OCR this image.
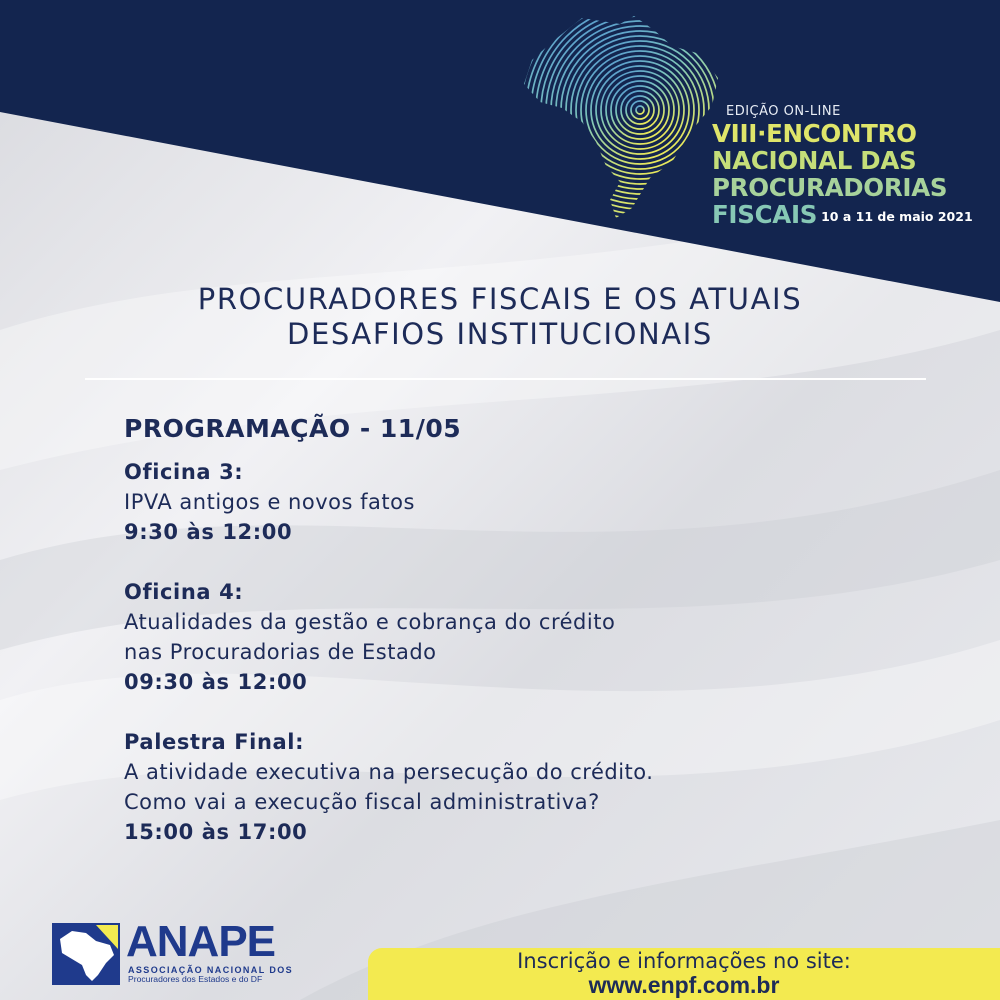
EDIÇÃO ON-LINE
VIII·ENCONTRO
NACIONAL DAS
PROCURADORIAS
FISCAIS 10 a 11 de maio 2021
PROCURADORES FISCAIS E OS ATUAIS
DESAFIOS INSTITUCIONAIS
PROGRAMAÇÃO - 11/05
Oficina 3:
IPVA antigos e novos fatos
9:30 às 12:00
Oficina 4:
Atualidades da gestão e cobrança do crédito
nas Procuradorias de Estado
09:30 às 12:00
Palestra Final:
A atividade executiva na persecução do crédito.
Como vai a execução fiscal administrativa?
15:00 às 17:00
ANAPE
ASSOCIAÇÃO NACIONAL DOS
Procuradores dos Estados e do DF
Inscrição e informações no site:
www.enpf.com.br
